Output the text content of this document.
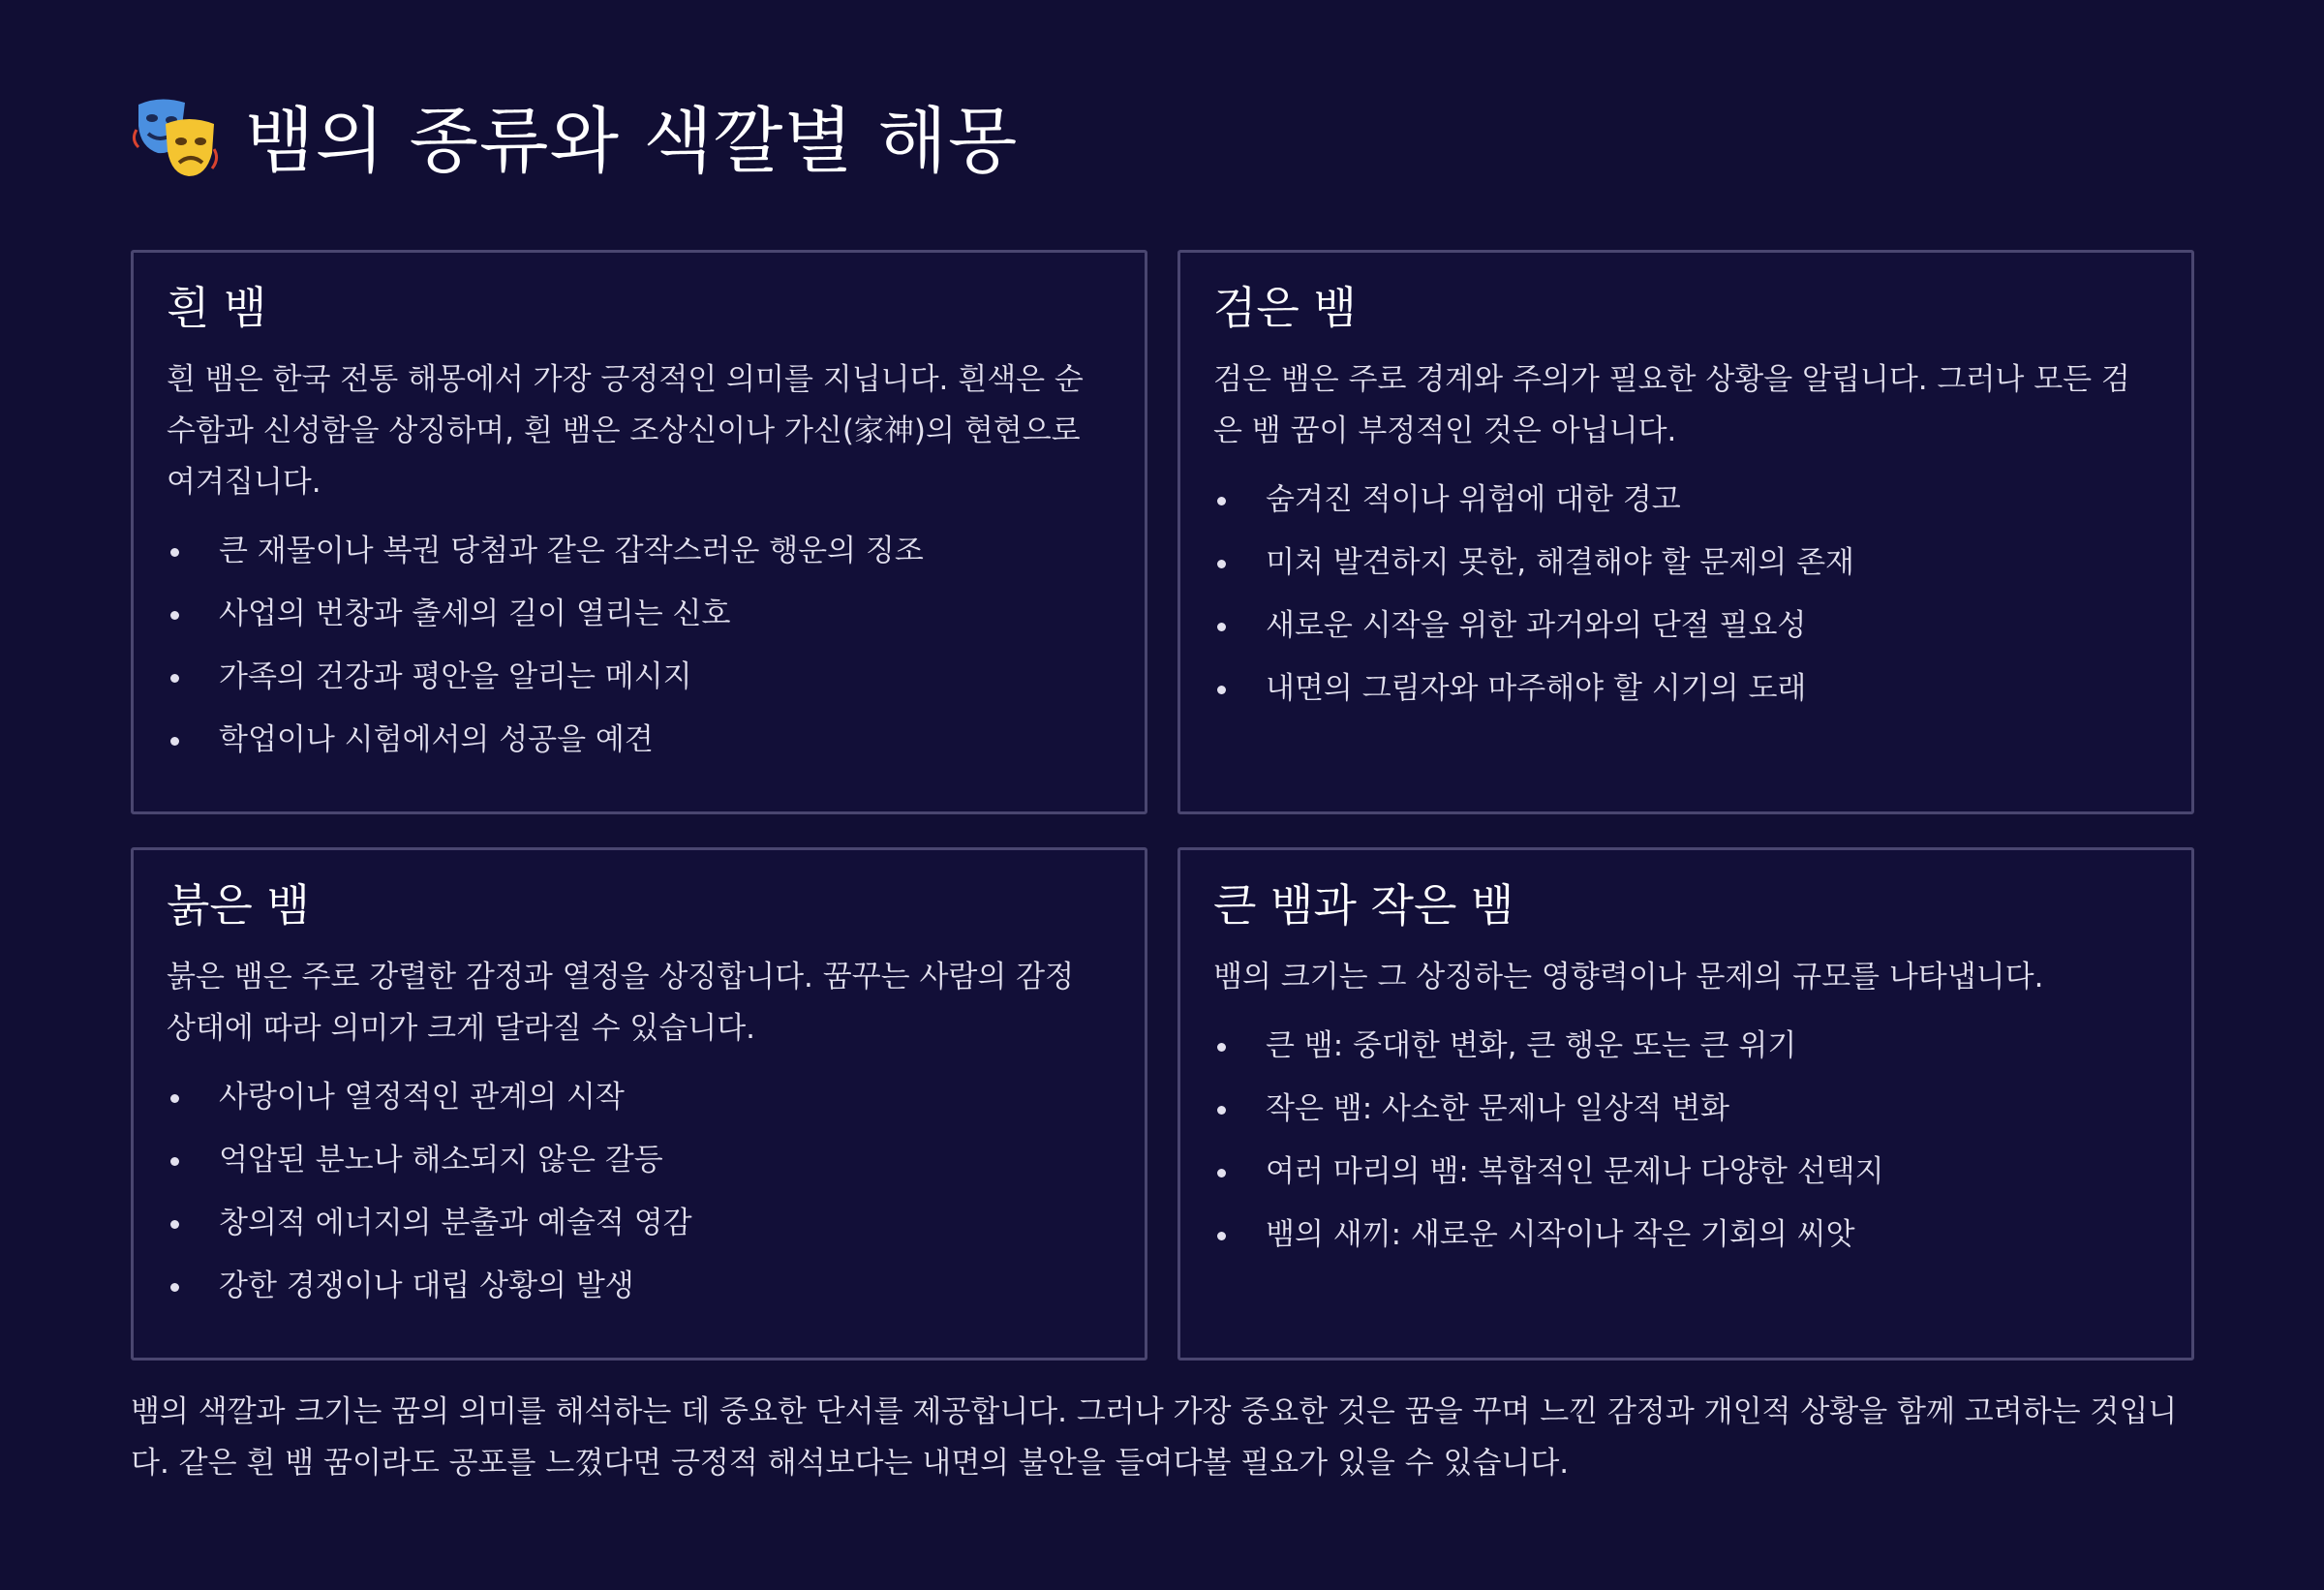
뱀의 종류와 색깔별 해몽
흰 뱀
흰 뱀은 한국 전통 해몽에서 가장 긍정적인 의미를 지닙니다. 흰색은 순수함과 신성함을 상징하며, 흰 뱀은 조상신이나 가신(家神)의 현현으로 여겨집니다.
큰 재물이나 복권 당첨과 같은 갑작스러운 행운의 징조
사업의 번창과 출세의 길이 열리는 신호
가족의 건강과 평안을 알리는 메시지
학업이나 시험에서의 성공을 예견
검은 뱀
검은 뱀은 주로 경계와 주의가 필요한 상황을 알립니다. 그러나 모든 검은 뱀 꿈이 부정적인 것은 아닙니다.
숨겨진 적이나 위험에 대한 경고
미처 발견하지 못한, 해결해야 할 문제의 존재
새로운 시작을 위한 과거와의 단절 필요성
내면의 그림자와 마주해야 할 시기의 도래
붉은 뱀
붉은 뱀은 주로 강렬한 감정과 열정을 상징합니다. 꿈꾸는 사람의 감정 상태에 따라 의미가 크게 달라질 수 있습니다.
사랑이나 열정적인 관계의 시작
억압된 분노나 해소되지 않은 갈등
창의적 에너지의 분출과 예술적 영감
강한 경쟁이나 대립 상황의 발생
큰 뱀과 작은 뱀
뱀의 크기는 그 상징하는 영향력이나 문제의 규모를 나타냅니다.
큰 뱀: 중대한 변화, 큰 행운 또는 큰 위기
작은 뱀: 사소한 문제나 일상적 변화
여러 마리의 뱀: 복합적인 문제나 다양한 선택지
뱀의 새끼: 새로운 시작이나 작은 기회의 씨앗
뱀의 색깔과 크기는 꿈의 의미를 해석하는 데 중요한 단서를 제공합니다. 그러나 가장 중요한 것은 꿈을 꾸며 느낀 감정과 개인적 상황을 함께 고려하는 것입니다. 같은 흰 뱀 꿈이라도 공포를 느꼈다면 긍정적 해석보다는 내면의 불안을 들여다볼 필요가 있을 수 있습니다.
